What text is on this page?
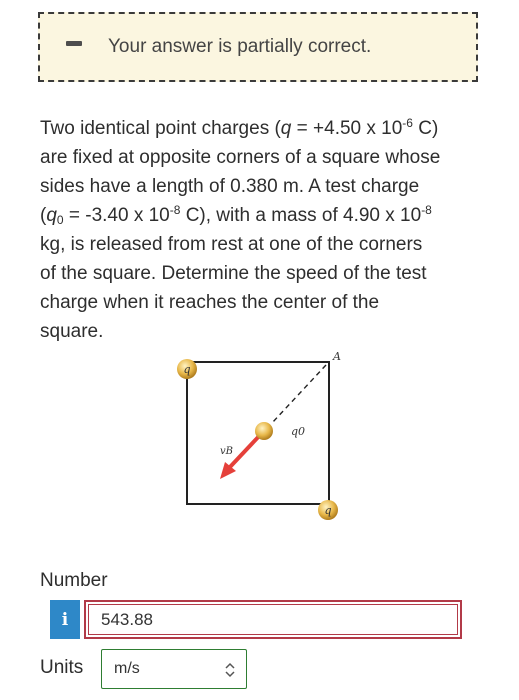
Your answer is partially correct.
Two identical point charges (q = +4.50 x $10^{-6}$ C)
are fixed at opposite corners of a square whose
sides have a length of 0.380 m. A test charge
($q_0 = -3.40$ x $10^{-8}$ C), with a mass of 4.90 x $10^{-8}$
kg, is released from rest at one of the corners
of the square. Determine the speed of the test
charge when it reaches the center of the
square.
q
q
q0
A
vB
Number
i
543.88
Units m/s
